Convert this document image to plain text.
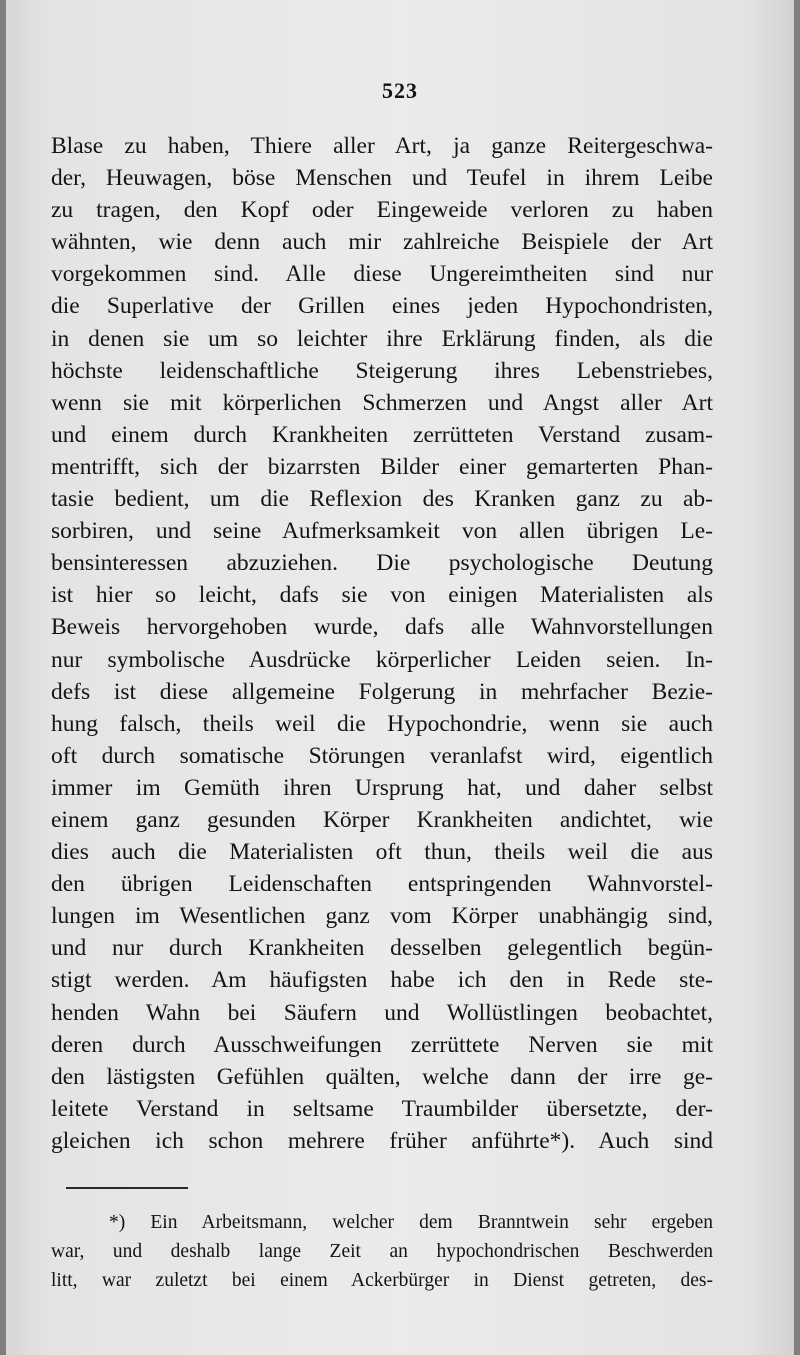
523
Blase zu haben, Thiere aller Art, ja ganze Reitergeschwa-
der, Heuwagen, böse Menschen und Teufel in ihrem Leibe
zu tragen, den Kopf oder Eingeweide verloren zu haben
wähnten, wie denn auch mir zahlreiche Beispiele der Art
vorgekommen sind. Alle diese Ungereimtheiten sind nur
die Superlative der Grillen eines jeden Hypochondristen,
in denen sie um so leichter ihre Erklärung finden, als die
höchste leidenschaftliche Steigerung ihres Lebenstriebes,
wenn sie mit körperlichen Schmerzen und Angst aller Art
und einem durch Krankheiten zerrütteten Verstand zusam-
mentrifft, sich der bizarrsten Bilder einer gemarterten Phan-
tasie bedient, um die Reflexion des Kranken ganz zu ab-
sorbiren, und seine Aufmerksamkeit von allen übrigen Le-
bensinteressen abzuziehen. Die psychologische Deutung
ist hier so leicht, dafs sie von einigen Materialisten als
Beweis hervorgehoben wurde, dafs alle Wahnvorstellungen
nur symbolische Ausdrücke körperlicher Leiden seien. In-
defs ist diese allgemeine Folgerung in mehrfacher Bezie-
hung falsch, theils weil die Hypochondrie, wenn sie auch
oft durch somatische Störungen veranlafst wird, eigentlich
immer im Gemüth ihren Ursprung hat, und daher selbst
einem ganz gesunden Körper Krankheiten andichtet, wie
dies auch die Materialisten oft thun, theils weil die aus
den übrigen Leidenschaften entspringenden Wahnvorstel-
lungen im Wesentlichen ganz vom Körper unabhängig sind,
und nur durch Krankheiten desselben gelegentlich begün-
stigt werden. Am häufigsten habe ich den in Rede ste-
henden Wahn bei Säufern und Wollüstlingen beobachtet,
deren durch Ausschweifungen zerrüttete Nerven sie mit
den lästigsten Gefühlen quälten, welche dann der irre ge-
leitete Verstand in seltsame Traumbilder übersetzte, der-
gleichen ich schon mehrere früher anführte*). Auch sind
*) Ein Arbeitsmann, welcher dem Branntwein sehr ergeben
war, und deshalb lange Zeit an hypochondrischen Beschwerden
litt, war zuletzt bei einem Ackerbürger in Dienst getreten, des-
